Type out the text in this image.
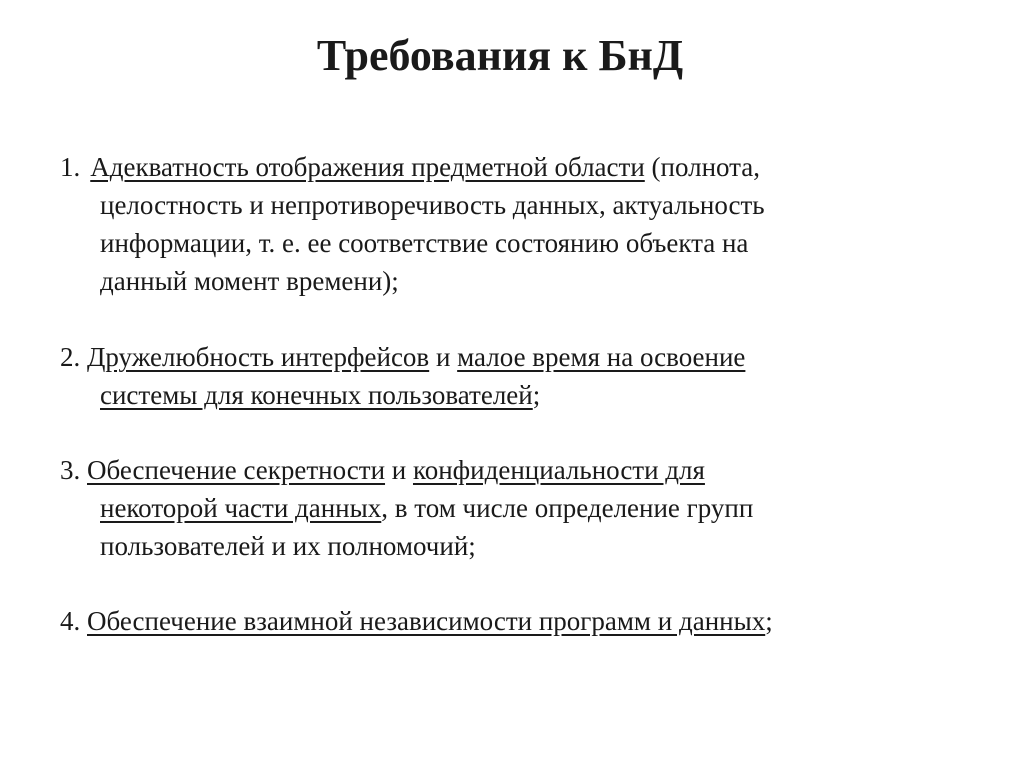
Требования к БнД
1. Адекватность отображения предметной области (полнота,
целостность и непротиворечивость данных, актуальность
информации, т. е. ее соответствие состоянию объекта на
данный момент времени);
2. Дружелюбность интерфейсов и малое время на освоение
системы для конечных пользователей;
3. Обеспечение секретности и конфиденциальности для
некоторой части данных, в том числе определение групп
пользователей и их полномочий;
4. Обеспечение взаимной независимости программ и данных;
